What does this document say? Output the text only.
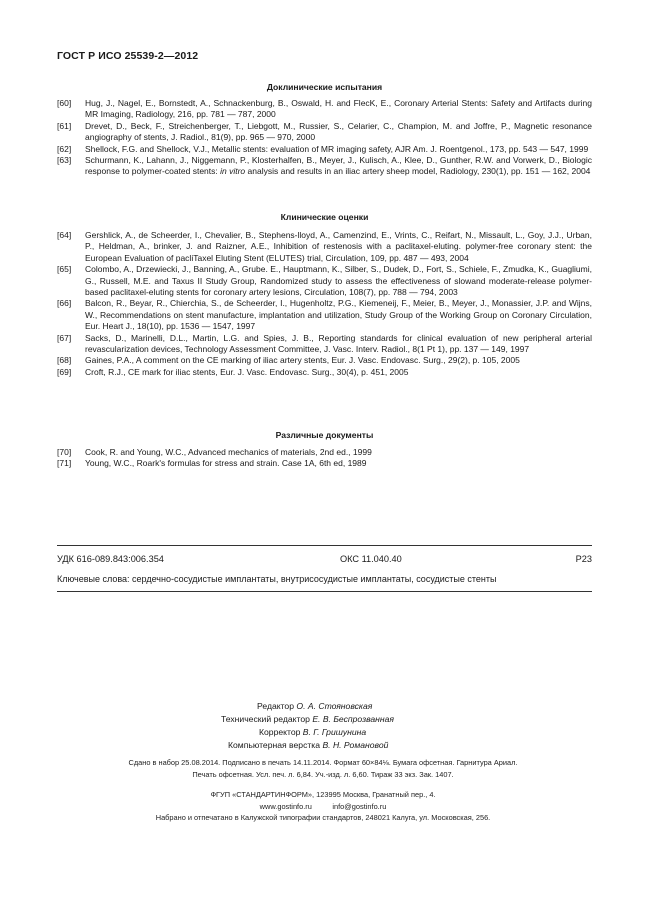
ГОСТ Р ИСО 25539-2—2012
Доклинические испытания
[60] Hug, J., Nagel, E., Bornstedt, A., Schnackenburg, B., Oswald, H. and FlecK, E., Coronary Arterial Stents: Safety and Artifacts during MR Imaging, Radiology, 216, pp. 781 — 787, 2000
[61] Drevet, D., Beck, F., Streichenberger, T., Liebgott, M., Russier, S., Celarier, C., Champion, M. and Joffre, P., Magnetic resonance angiography of stents, J. Radiol., 81(9), pp. 965 — 970, 2000
[62] Shellock, F.G. and Shellock, V.J., Metallic stents: evaluation of MR imaging safety, AJR Am. J. Roentgenol., 173, pp. 543 — 547, 1999
[63] Schurmann, K., Lahann, J., Niggemann, P., Klosterhalfen, B., Meyer, J., Kulisch, A., Klee, D., Gunther, R.W. and Vorwerk, D., Biologic response to polymer-coated stents: in vitro analysis and results in an iliac artery sheep model, Radiology, 230(1), pp. 151 — 162, 2004
Клинические оценки
[64] Gershlick, A., de Scheerder, I., Chevalier, B., Stephens-lloyd, A., Camenzind, E., Vrints, C., Reifart, N., Missault, L., Goy, J.J., Urban, P., Heldman, A., brinker, J. and Raizner, A.E., Inhibition of restenosis with a paclitaxel-eluting. polymer-free coronary stent: the European Evaluation of pacliTaxel Eluting Stent (ELUTES) trial, Circulation, 109, pp. 487 — 493, 2004
[65] Colombo, A., Drzewiecki, J., Banning, A., Grube. E., Hauptmann, K., Silber, S., Dudek, D., Fort, S., Schiele, F., Zmudka, K., Guagliumi, G., Russell, M.E. and Taxus II Study Group, Randomized study to assess the effectiveness of slowand moderate-release polymer-based paclitaxel-eluting stents for coronary artery lesions, Circulation, 108(7), pp. 788 — 794, 2003
[66] Balcon, R., Beyar, R., Chierchia, S., de Scheerder, I., Hugenholtz, P.G., Kiemeneij, F., Meier, B., Meyer, J., Monassier, J.P. and Wijns, W., Recommendations on stent manufacture, implantation and utilization, Study Group of the Working Group on Coronary Circulation, Eur. Heart J., 18(10), pp. 1536 — 1547, 1997
[67] Sacks, D., Marinelli, D.L., Martin, L.G. and Spies, J. B., Reporting standards for clinical evaluation of new peripheral arterial revascularization devices, Technology Assessment Committee, J. Vasc. Interv. Radiol., 8(1 Pt 1), pp. 137 — 149, 1997
[68] Gaines, P.A., A comment on the CE marking of iliac artery stents, Eur. J. Vasc. Endovasc. Surg., 29(2), p. 105, 2005
[69] Croft, R.J., CE mark for iliac stents, Eur. J. Vasc. Endovasc. Surg., 30(4), p. 451, 2005
Различные документы
[70] Cook, R. and Young, W.C., Advanced mechanics of materials, 2nd ed., 1999
[71] Young, W.C., Roark's formulas for stress and strain. Case 1A, 6th ed, 1989
УДК 616-089.843:006.354	ОКС 11.040.40	Р23
Ключевые слова: сердечно-сосудистые имплантаты, внутрисосудистые имплантаты, сосудистые стенты
Редактор О. А. Стояновская
Технический редактор Е. В. Беспрозванная
Корректор В. Г. Гришунина
Компьютерная верстка В. Н. Романовой
Сдано в набор 25.08.2014. Подписано в печать 14.11.2014. Формат 60×84⅛. Бумага офсетная. Гарнитура Ариал.
Печать офсетная. Усл. печ. л. 6,84. Уч.-изд. л. 6,60. Тираж 33 экз. Зак. 1407.
ФГУП «СТАНДАРТИНФОРМ», 123995 Москва, Гранатный пер., 4.
www.gostinfo.ru          info@gostinfo.ru
Набрано и отпечатано в Калужской типографии стандартов, 248021 Калуга, ул. Московская, 256.
